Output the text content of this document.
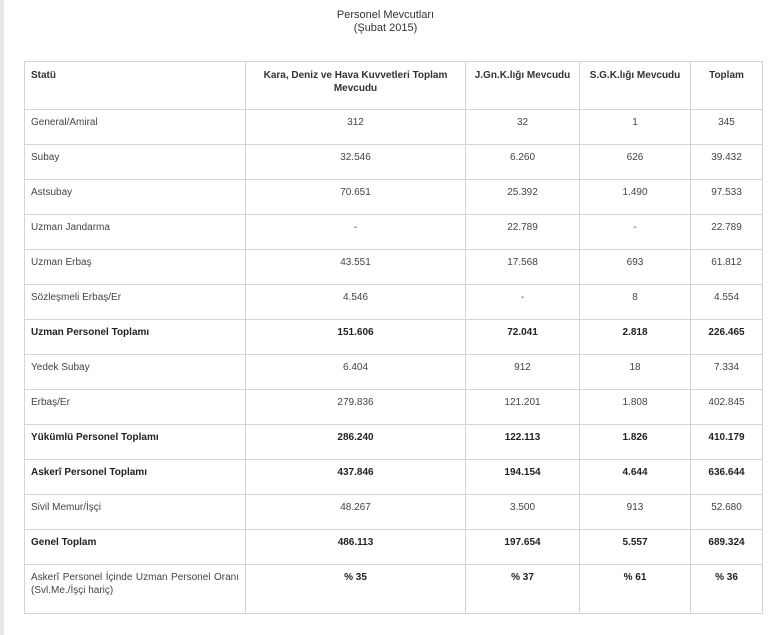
Personel Mevcutları
(Şubat 2015)
Statü	Kara, Deniz ve Hava Kuvvetleri Toplam Mevcudu	J.Gn.K.lığı Mevcudu	S.G.K.lığı Mevcudu	Toplam
General/Amiral	312	32	1	345
Subay	32.546	6.260	626	39.432
Astsubay	70.651	25.392	1.490	97.533
Uzman Jandarma	-	22.789	-	22.789
Uzman Erbaş	43.551	17.568	693	61.812
Sözleşmeli Erbaş/Er	4.546	-	8	4.554
Uzman Personel Toplamı	151.606	72.041	2.818	226.465
Yedek Subay	6.404	912	18	7.334
Erbaş/Er	279.836	121.201	1.808	402.845
Yükümlü Personel Toplamı	286.240	122.113	1.826	410.179
Askerî Personel Toplamı	437.846	194.154	4.644	636.644
Sivil Memur/İşçi	48.267	3.500	913	52.680
Genel Toplam	486.113	197.654	5.557	689.324
Askerî Personel İçinde Uzman Personel Oranı (Svl.Me./İşçi hariç)	% 35	% 37	% 61	% 36
